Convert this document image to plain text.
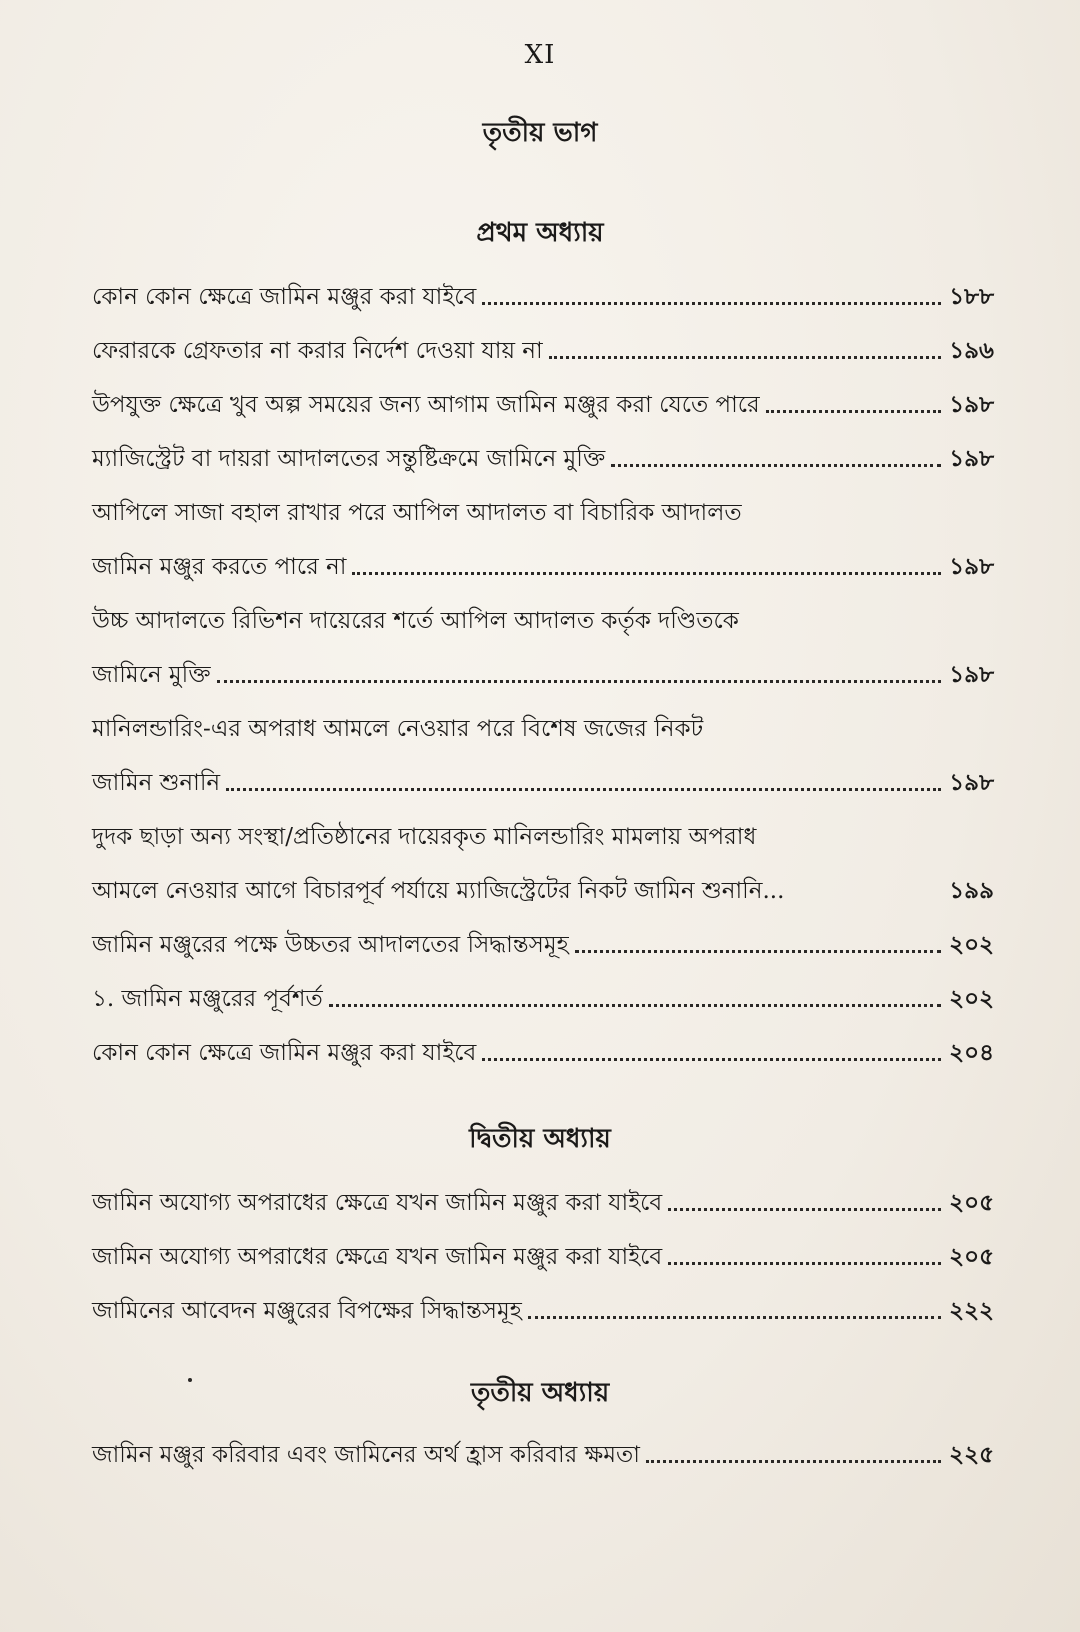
XI
তৃতীয় ভাগ
প্রথম অধ্যায়
কোন কোন ক্ষেত্রে জামিন মঞ্জুর করা যাইবে	১৮৮
ফেরারকে গ্রেফতার না করার নির্দেশ দেওয়া যায় না	১৯৬
উপযুক্ত ক্ষেত্রে খুব অল্প সময়ের জন্য আগাম জামিন মঞ্জুর করা যেতে পারে	১৯৮
ম্যাজিস্ট্রেট বা দায়রা আদালতের সন্তুষ্টিক্রমে জামিনে মুক্তি	১৯৮
আপিলে সাজা বহাল রাখার পরে আপিল আদালত বা বিচারিক আদালত
জামিন মঞ্জুর করতে পারে না	১৯৮
উচ্চ আদালতে রিভিশন দায়েরের শর্তে আপিল আদালত কর্তৃক দণ্ডিতকে
জামিনে মুক্তি	১৯৮
মানিলন্ডারিং-এর অপরাধ আমলে নেওয়ার পরে বিশেষ জজের নিকট
জামিন শুনানি	১৯৮
দুদক ছাড়া অন্য সংস্থা/প্রতিষ্ঠানের দায়েরকৃত মানিলন্ডারিং মামলায় অপরাধ
আমলে নেওয়ার আগে বিচারপূর্ব পর্যায়ে ম্যাজিস্ট্রেটের নিকট জামিন শুনানি...	১৯৯
জামিন মঞ্জুরের পক্ষে উচ্চতর আদালতের সিদ্ধান্তসমূহ	২০২
১. জামিন মঞ্জুরের পূর্বশর্ত	২০২
কোন কোন ক্ষেত্রে জামিন মঞ্জুর করা যাইবে	২০৪
দ্বিতীয় অধ্যায়
জামিন অযোগ্য অপরাধের ক্ষেত্রে যখন জামিন মঞ্জুর করা যাইবে	২০৫
জামিন অযোগ্য অপরাধের ক্ষেত্রে যখন জামিন মঞ্জুর করা যাইবে	২০৫
জামিনের আবেদন মঞ্জুরের বিপক্ষের সিদ্ধান্তসমূহ	২২২
তৃতীয় অধ্যায়
জামিন মঞ্জুর করিবার এবং জামিনের অর্থ হ্রাস করিবার ক্ষমতা	২২৫
